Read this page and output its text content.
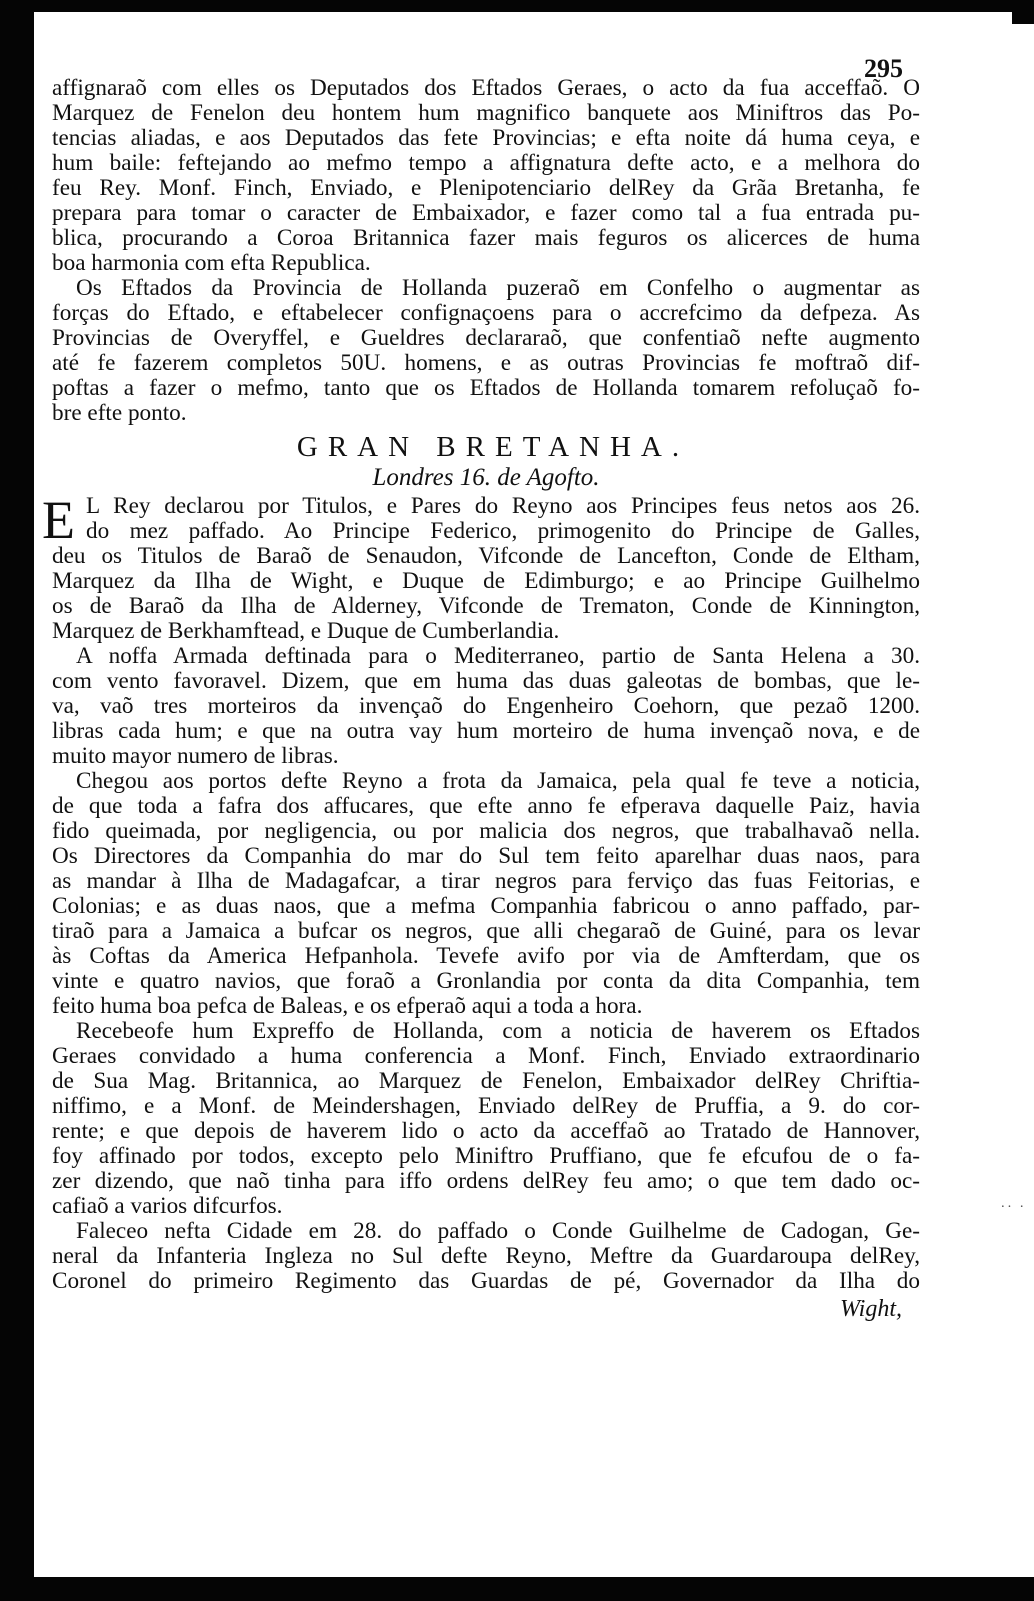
·· ·
295
affignaraõ com elles os Deputados dos Eftados Geraes, o acto da fua acceffaõ. O
Marquez de Fenelon deu hontem hum magnifico banquete aos Miniftros das Po-
tencias aliadas, e aos Deputados das fete Provincias; e efta noite dá huma ceya, e
hum baile: feftejando ao mefmo tempo a affignatura defte acto, e a melhora do
feu Rey. Monf. Finch, Enviado, e Plenipotenciario delRey da Grãa Bretanha, fe
prepara para tomar o caracter de Embaixador, e fazer como tal a fua entrada pu-
blica, procurando a Coroa Britannica fazer mais feguros os alicerces de huma
boa harmonia com efta Republica.
Os Eftados da Provincia de Hollanda puzeraõ em Confelho o augmentar as
forças do Eftado, e eftabelecer confignaçoens para o accrefcimo da defpeza. As
Provincias de Overyffel, e Gueldres declararaõ, que confentiaõ nefte augmento
até fe fazerem completos 50U. homens, e as outras Provincias fe moftraõ dif-
poftas a fazer o mefmo, tanto que os Eftados de Hollanda tomarem refoluçaõ fo-
bre efte ponto.
GRAN BRETANHA.
Londres 16. de Agofto.
E L Rey declarou por Titulos, e Pares do Reyno aos Principes feus netos aos 26.
do mez paffado. Ao Principe Federico, primogenito do Principe de Galles,
deu os Titulos de Baraõ de Senaudon, Vifconde de Lancefton, Conde de Eltham,
Marquez da Ilha de Wight, e Duque de Edimburgo; e ao Principe Guilhelmo
os de Baraõ da Ilha de Alderney, Vifconde de Trematon, Conde de Kinnington,
Marquez de Berkhamftead, e Duque de Cumberlandia.
A noffa Armada deftinada para o Mediterraneo, partio de Santa Helena a 30.
com vento favoravel. Dizem, que em huma das duas galeotas de bombas, que le-
va, vaõ tres morteiros da invençaõ do Engenheiro Coehorn, que pezaõ 1200.
libras cada hum; e que na outra vay hum morteiro de huma invençaõ nova, e de
muito mayor numero de libras.
Chegou aos portos defte Reyno a frota da Jamaica, pela qual fe teve a noticia,
de que toda a fafra dos affucares, que efte anno fe efperava daquelle Paiz, havia
fido queimada, por negligencia, ou por malicia dos negros, que trabalhavaõ nella.
Os Directores da Companhia do mar do Sul tem feito aparelhar duas naos, para
as mandar à Ilha de Madagafcar, a tirar negros para ferviço das fuas Feitorias, e
Colonias; e as duas naos, que a mefma Companhia fabricou o anno paffado, par-
tiraõ para a Jamaica a bufcar os negros, que alli chegaraõ de Guiné, para os levar
às Coftas da America Hefpanhola. Tevefe avifo por via de Amfterdam, que os
vinte e quatro navios, que foraõ a Gronlandia por conta da dita Companhia, tem
feito huma boa pefca de Baleas, e os efperaõ aqui a toda a hora.
Recebeofe hum Expreffo de Hollanda, com a noticia de haverem os Eftados
Geraes convidado a huma conferencia a Monf. Finch, Enviado extraordinario
de Sua Mag. Britannica, ao Marquez de Fenelon, Embaixador delRey Chriftia-
niffimo, e a Monf. de Meindershagen, Enviado delRey de Pruffia, a 9. do cor-
rente; e que depois de haverem lido o acto da acceffaõ ao Tratado de Hannover,
foy affinado por todos, excepto pelo Miniftro Pruffiano, que fe efcufou de o fa-
zer dizendo, que naõ tinha para iffo ordens delRey feu amo; o que tem dado oc-
cafiaõ a varios difcurfos.
Faleceo nefta Cidade em 28. do paffado o Conde Guilhelme de Cadogan, Ge-
neral da Infanteria Ingleza no Sul defte Reyno, Meftre da Guardaroupa delRey,
Coronel do primeiro Regimento das Guardas de pé, Governador da Ilha do
Wight,
